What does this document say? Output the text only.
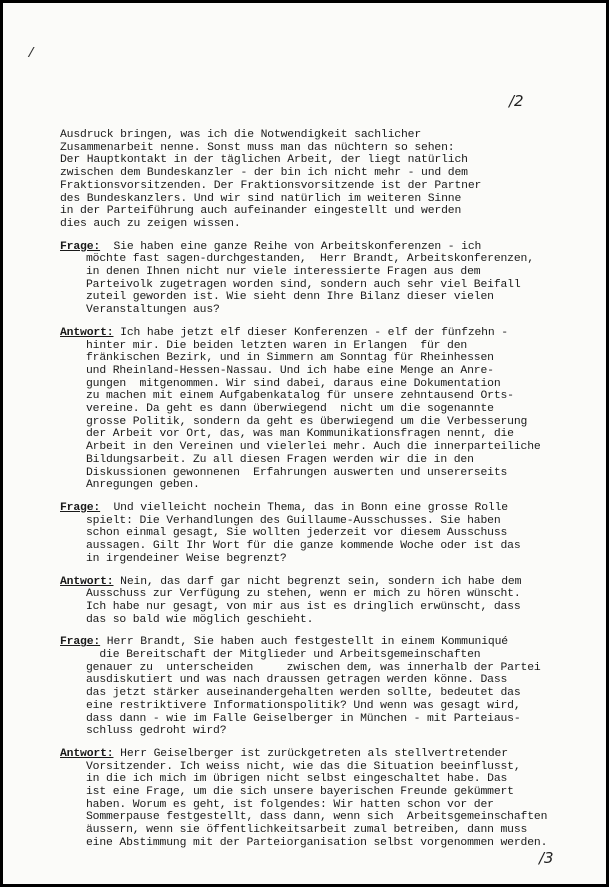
/
/2
Ausdruck bringen, was ich die Notwendigkeit sachlicher
Zusammenarbeit nenne. Sonst muss man das nüchtern so sehen:
Der Hauptkontakt in der täglichen Arbeit, der liegt natürlich
zwischen dem Bundeskanzler - der bin ich nicht mehr - und dem
Fraktionsvorsitzenden. Der Fraktionsvorsitzende ist der Partner
des Bundeskanzlers. Und wir sind natürlich im weiteren Sinne
in der Parteiführung auch aufeinander eingestellt und werden
dies auch zu zeigen wissen.
Frage:  Sie haben eine ganze Reihe von Arbeitskonferenzen - ich
möchte fast sagen-durchgestanden,  Herr Brandt, Arbeitskonferenzen,
in denen Ihnen nicht nur viele interessierte Fragen aus dem
Parteivolk zugetragen worden sind, sondern auch sehr viel Beifall
zuteil geworden ist. Wie sieht denn Ihre Bilanz dieser vielen
Veranstaltungen aus?
Antwort: Ich habe jetzt elf dieser Konferenzen - elf der fünfzehn -
hinter mir. Die beiden letzten waren in Erlangen  für den
fränkischen Bezirk, und in Simmern am Sonntag für Rheinhessen
und Rheinland-Hessen-Nassau. Und ich habe eine Menge an Anre-
gungen  mitgenommen. Wir sind dabei, daraus eine Dokumentation
zu machen mit einem Aufgabenkatalog für unsere zehntausend Orts-
vereine. Da geht es dann überwiegend  nicht um die sogenannte
grosse Politik, sondern da geht es überwiegend um die Verbesserung
der Arbeit vor Ort, das, was man Kommunikationsfragen nennt, die
Arbeit in den Vereinen und vielerlei mehr. Auch die innerparteiliche
Bildungsarbeit. Zu all diesen Fragen werden wir die in den
Diskussionen gewonnenen  Erfahrungen auswerten und unsererseits
Anregungen geben.
Frage:  Und vielleicht nochein Thema, das in Bonn eine grosse Rolle
spielt: Die Verhandlungen des Guillaume-Ausschusses. Sie haben
schon einmal gesagt, Sie wollten jederzeit vor diesem Ausschuss
aussagen. Gilt Ihr Wort für die ganze kommende Woche oder ist das
in irgendeiner Weise begrenzt?
Antwort: Nein, das darf gar nicht begrenzt sein, sondern ich habe dem
Ausschuss zur Verfügung zu stehen, wenn er mich zu hören wünscht.
Ich habe nur gesagt, von mir aus ist es dringlich erwünscht, dass
das so bald wie möglich geschieht.
Frage: Herr Brandt, Sie haben auch festgestellt in einem Kommuniqué
die Bereitschaft der Mitglieder und Arbeitsgemeinschaften
genauer zu  unterscheiden     zwischen dem, was innerhalb der Partei
ausdiskutiert und was nach draussen getragen werden könne. Dass
das jetzt stärker auseinandergehalten werden sollte, bedeutet das
eine restriktivere Informationspolitik? Und wenn was gesagt wird,
dass dann - wie im Falle Geiselberger in München - mit Parteiaus-
schluss gedroht wird?
Antwort: Herr Geiselberger ist zurückgetreten als stellvertretender
Vorsitzender. Ich weiss nicht, wie das die Situation beeinflusst,
in die ich mich im übrigen nicht selbst eingeschaltet habe. Das
ist eine Frage, um die sich unsere bayerischen Freunde gekümmert
haben. Worum es geht, ist folgendes: Wir hatten schon vor der
Sommerpause festgestellt, dass dann, wenn sich  Arbeitsgemeinschaften
äussern, wenn sie öffentlichkeitsarbeit zumal betreiben, dann muss
eine Abstimmung mit der Parteiorganisation selbst vorgenommen werden.
/3
